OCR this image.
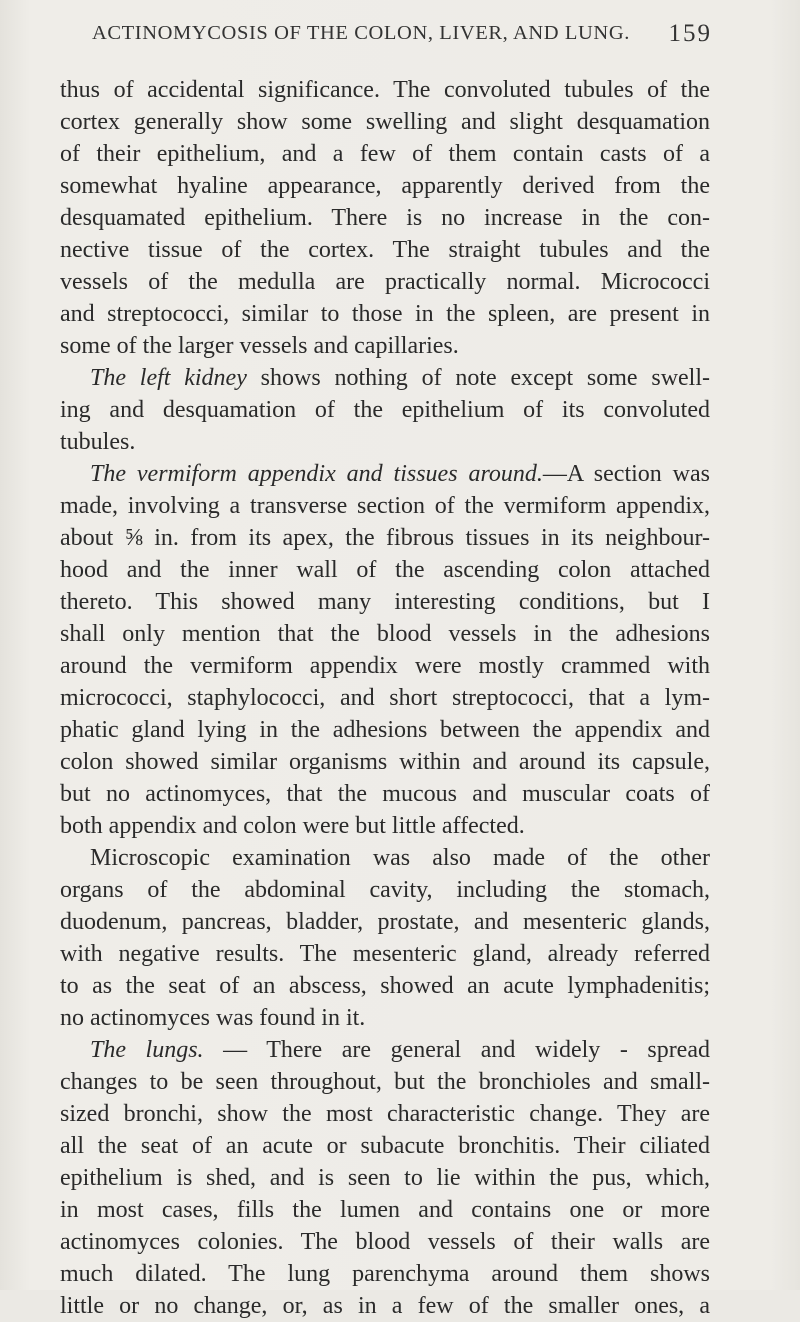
ACTINOMYCOSIS OF THE COLON, LIVER, AND LUNG. 159
thus of accidental significance. The convoluted tubules of the
cortex generally show some swelling and slight desquamation
of their epithelium, and a few of them contain casts of a
somewhat hyaline appearance, apparently derived from the
desquamated epithelium. There is no increase in the con-
nective tissue of the cortex. The straight tubules and the
vessels of the medulla are practically normal. Micrococci
and streptococci, similar to those in the spleen, are present in
some of the larger vessels and capillaries.
The left kidney shows nothing of note except some swell-
ing and desquamation of the epithelium of its convoluted
tubules.
The vermiform appendix and tissues around.—A section was
made, involving a transverse section of the vermiform appendix,
about ⅝ in. from its apex, the fibrous tissues in its neighbour-
hood and the inner wall of the ascending colon attached
thereto. This showed many interesting conditions, but I
shall only mention that the blood vessels in the adhesions
around the vermiform appendix were mostly crammed with
micrococci, staphylococci, and short streptococci, that a lym-
phatic gland lying in the adhesions between the appendix and
colon showed similar organisms within and around its capsule,
but no actinomyces, that the mucous and muscular coats of
both appendix and colon were but little affected.
Microscopic examination was also made of the other
organs of the abdominal cavity, including the stomach,
duodenum, pancreas, bladder, prostate, and mesenteric glands,
with negative results. The mesenteric gland, already referred
to as the seat of an abscess, showed an acute lymphadenitis;
no actinomyces was found in it.
The lungs. — There are general and widely - spread
changes to be seen throughout, but the bronchioles and small-
sized bronchi, show the most characteristic change. They are
all the seat of an acute or subacute bronchitis. Their ciliated
epithelium is shed, and is seen to lie within the pus, which,
in most cases, fills the lumen and contains one or more
actinomyces colonies. The blood vessels of their walls are
much dilated. The lung parenchyma around them shows
little or no change, or, as in a few of the smaller ones, a
